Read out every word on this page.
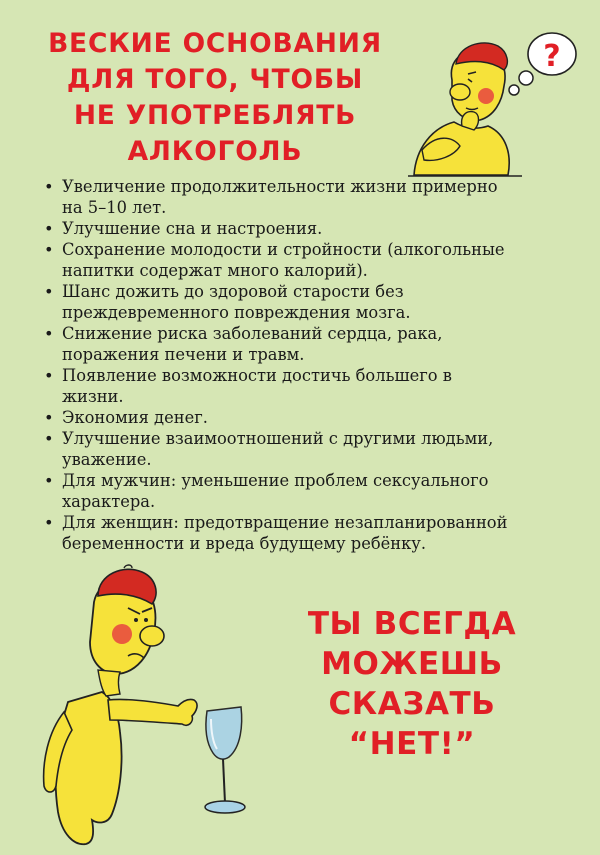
ВЕСКИЕ ОСНОВАНИЯ
ДЛЯ ТОГО, ЧТОБЫ
НЕ УПОТРЕБЛЯТЬ
АЛКОГОЛЬ
?
• Увеличение продолжительности жизни примерно
на 5–10 лет.
• Улучшение сна и настроения.
• Сохранение молодости и стройности (алкогольные
напитки содержат много калорий).
• Шанс дожить до здоровой старости без
преждевременного повреждения мозга.
• Снижение риска заболеваний сердца, рака,
поражения печени и травм.
• Появление возможности достичь большего в
жизни.
• Экономия денег.
• Улучшение взаимоотношений с другими людьми,
уважение.
• Для мужчин: уменьшение проблем сексуального
характера.
• Для женщин: предотвращение незапланированной
беременности и вреда будущему ребёнку.
ТЫ ВСЕГДА
МОЖЕШЬ
СКАЗАТЬ
“НЕТ!”
